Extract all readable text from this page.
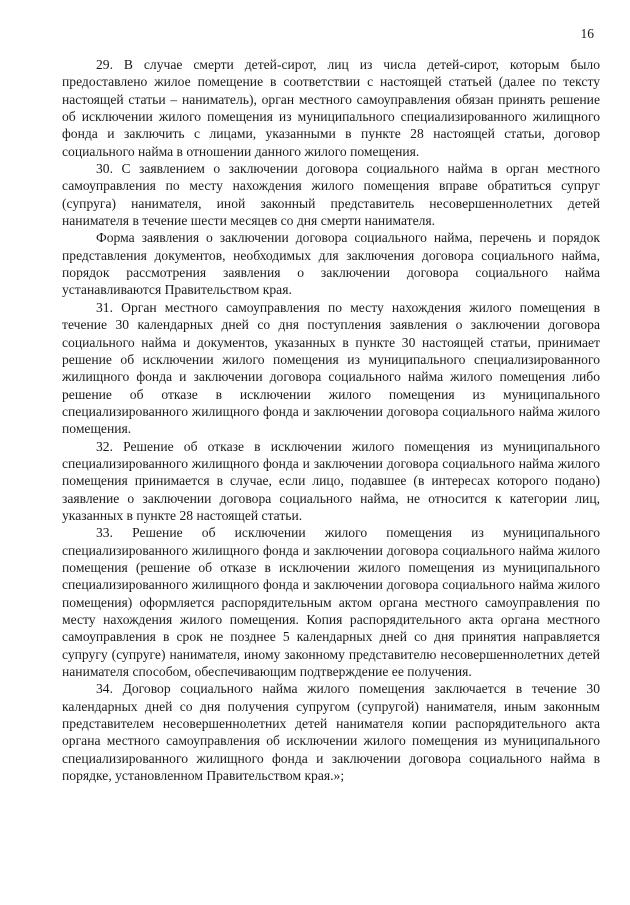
16

29. В случае смерти детей-сирот, лиц из числа детей-сирот, которым было предоставлено жилое помещение в соответствии с настоящей статьей (далее по тексту настоящей статьи – наниматель), орган местного самоуправления обязан принять решение об исключении жилого помещения из муниципального специализированного жилищного фонда и заключить с лицами, указанными в пункте 28 настоящей статьи, договор социального найма в отношении данного жилого помещения.

30. С заявлением о заключении договора социального найма в орган местного самоуправления по месту нахождения жилого помещения вправе обратиться супруг (супруга) нанимателя, иной законный представитель несовершеннолетних детей нанимателя в течение шести месяцев со дня смерти нанимателя.

Форма заявления о заключении договора социального найма, перечень и порядок представления документов, необходимых для заключения договора социального найма, порядок рассмотрения заявления о заключении договора социального найма устанавливаются Правительством края.

31. Орган местного самоуправления по месту нахождения жилого помещения в течение 30 календарных дней со дня поступления заявления о заключении договора социального найма и документов, указанных в пункте 30 настоящей статьи, принимает решение об исключении жилого помещения из муниципального специализированного жилищного фонда и заключении договора социального найма жилого помещения либо решение об отказе в исключении жилого помещения из муниципального специализированного жилищного фонда и заключении договора социального найма жилого помещения.

32. Решение об отказе в исключении жилого помещения из муниципального специализированного жилищного фонда и заключении договора социального найма жилого помещения принимается в случае, если лицо, подавшее (в интересах которого подано) заявление о заключении договора социального найма, не относится к категории лиц, указанных в пункте 28 настоящей статьи.

33. Решение об исключении жилого помещения из муниципального специализированного жилищного фонда и заключении договора социального найма жилого помещения (решение об отказе в исключении жилого помещения из муниципального специализированного жилищного фонда и заключении договора социального найма жилого помещения) оформляется распорядительным актом органа местного самоуправления по месту нахождения жилого помещения. Копия распорядительного акта органа местного самоуправления в срок не позднее 5 календарных дней со дня принятия направляется супругу (супруге) нанимателя, иному законному представителю несовершеннолетних детей нанимателя способом, обеспечивающим подтверждение ее получения.

34. Договор социального найма жилого помещения заключается в течение 30 календарных дней со дня получения супругом (супругой) нанимателя, иным законным представителем несовершеннолетних детей нанимателя копии распорядительного акта органа местного самоуправления об исключении жилого помещения из муниципального специализированного жилищного фонда и заключении договора социального найма в порядке, установленном Правительством края.»;
